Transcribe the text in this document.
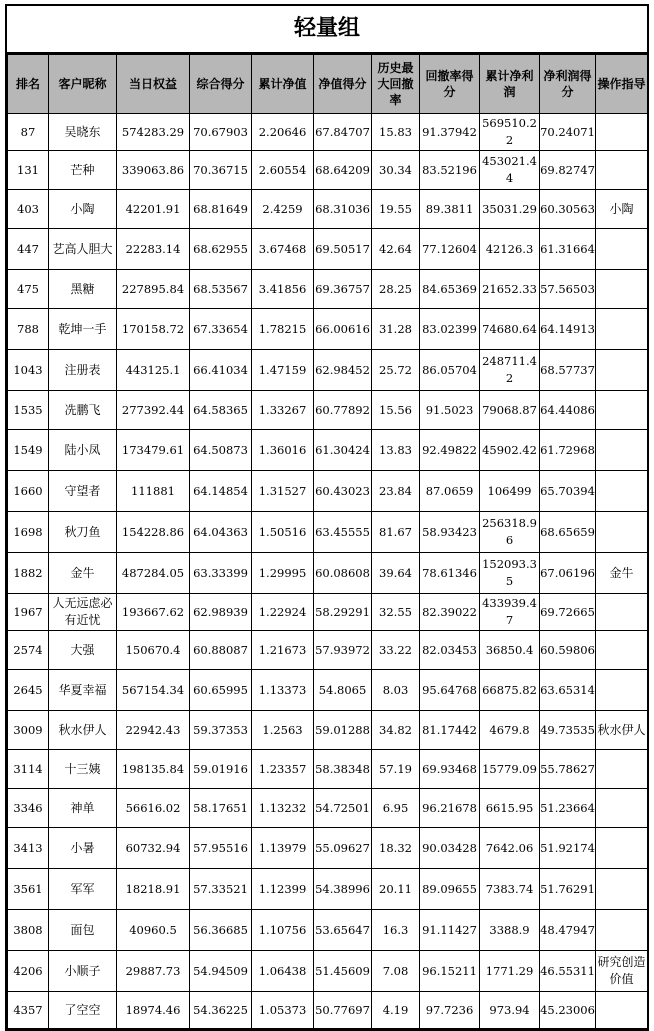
轻量组
排名	客户昵称	当日权益	综合得分	累计净值	净值得分	历史最大回撤率	回撤率得分	累计净利润	净利润得分	操作指导
87	吴晓东	574283.29	70.67903	2.20646	67.84707	15.83	91.37942	569510.22	70.24071	
131	芒种	339063.86	70.36715	2.60554	68.64209	30.34	83.52196	453021.44	69.82747	
403	小陶	42201.91	68.81649	2.4259	68.31036	19.55	89.3811	35031.29	60.30563	小陶
447	艺高人胆大	22283.14	68.62955	3.67468	69.50517	42.64	77.12604	42126.3	61.31664	
475	黑糖	227895.84	68.53567	3.41856	69.36757	28.25	84.65369	21652.33	57.56503	
788	乾坤一手	170158.72	67.33654	1.78215	66.00616	31.28	83.02399	74680.64	64.14913	
1043	注册表	443125.1	66.41034	1.47159	62.98452	25.72	86.05704	248711.42	68.57737	
1535	冼鹏飞	277392.44	64.58365	1.33267	60.77892	15.56	91.5023	79068.87	64.44086	
1549	陆小凤	173479.61	64.50873	1.36016	61.30424	13.83	92.49822	45902.42	61.72968	
1660	守望者	111881	64.14854	1.31527	60.43023	23.84	87.0659	106499	65.70394	
1698	秋刀鱼	154228.86	64.04363	1.50516	63.45555	81.67	58.93423	256318.96	68.65659	
1882	金牛	487284.05	63.33399	1.29995	60.08608	39.64	78.61346	152093.35	67.06196	金牛
1967	人无远虑必有近忧	193667.62	62.98939	1.22924	58.29291	32.55	82.39022	433939.47	69.72665	
2574	大强	150670.4	60.88087	1.21673	57.93972	33.22	82.03453	36850.4	60.59806	
2645	华夏幸福	567154.34	60.65995	1.13373	54.8065	8.03	95.64768	66875.82	63.65314	
3009	秋水伊人	22942.43	59.37353	1.2563	59.01288	34.82	81.17442	4679.8	49.73535	秋水伊人
3114	十三姨	198135.84	59.01916	1.23357	58.38348	57.19	69.93468	15779.09	55.78627	
3346	神单	56616.02	58.17651	1.13232	54.72501	6.95	96.21678	6615.95	51.23664	
3413	小暑	60732.94	57.95516	1.13979	55.09627	18.32	90.03428	7642.06	51.92174	
3561	军军	18218.91	57.33521	1.12399	54.38996	20.11	89.09655	7383.74	51.76291	
3808	面包	40960.5	56.36685	1.10756	53.65647	16.3	91.11427	3388.9	48.47947	
4206	小顺子	29887.73	54.94509	1.06438	51.45609	7.08	96.15211	1771.29	46.55311	研究创造价值
4357	了空空	18974.46	54.36225	1.05373	50.77697	4.19	97.7236	973.94	45.23006	
